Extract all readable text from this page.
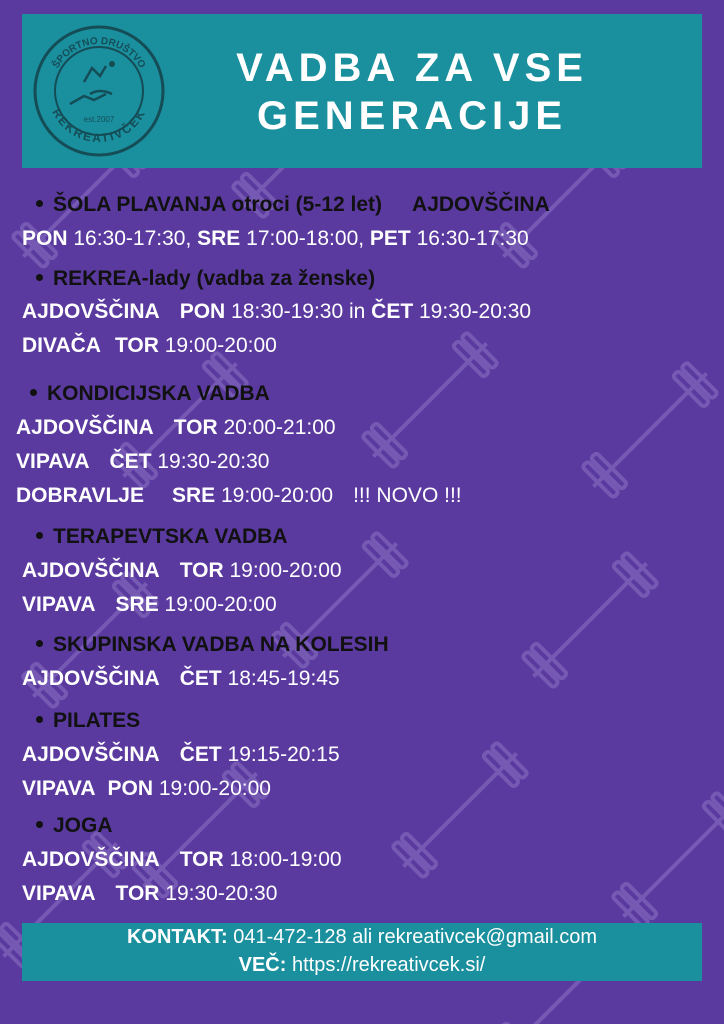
ŠPORTNO DRUŠTVO
REKREATIVČEK
est.2007
VADBA ZA VSE
GENERACIJE
ŠOLA PLAVANJA otroci (5-12 let) AJDOVŠČINA
PON 16:30-17:30, SRE 17:00-18:00, PET 16:30-17:30
REKREA-lady (vadba za ženske)
AJDOVŠČINA PON 18:30-19:30 in ČET 19:30-20:30
DIVAČA TOR 19:00-20:00
KONDICIJSKA VADBA
AJDOVŠČINA TOR 20:00-21:00
VIPAVA ČET 19:30-20:30
DOBRAVLJE SRE 19:00-20:00 !!! NOVO !!!
TERAPEVTSKA VADBA
AJDOVŠČINA TOR 19:00-20:00
VIPAVA SRE 19:00-20:00
SKUPINSKA VADBA NA KOLESIH
AJDOVŠČINA ČET 18:45-19:45
PILATES
AJDOVŠČINA ČET 19:15-20:15
VIPAVA PON 19:00-20:00
JOGA
AJDOVŠČINA TOR 18:00-19:00
VIPAVA TOR 19:30-20:30
KONTAKT: 041-472-128 ali rekreativcek@gmail.com
VEČ: https://rekreativcek.si/
